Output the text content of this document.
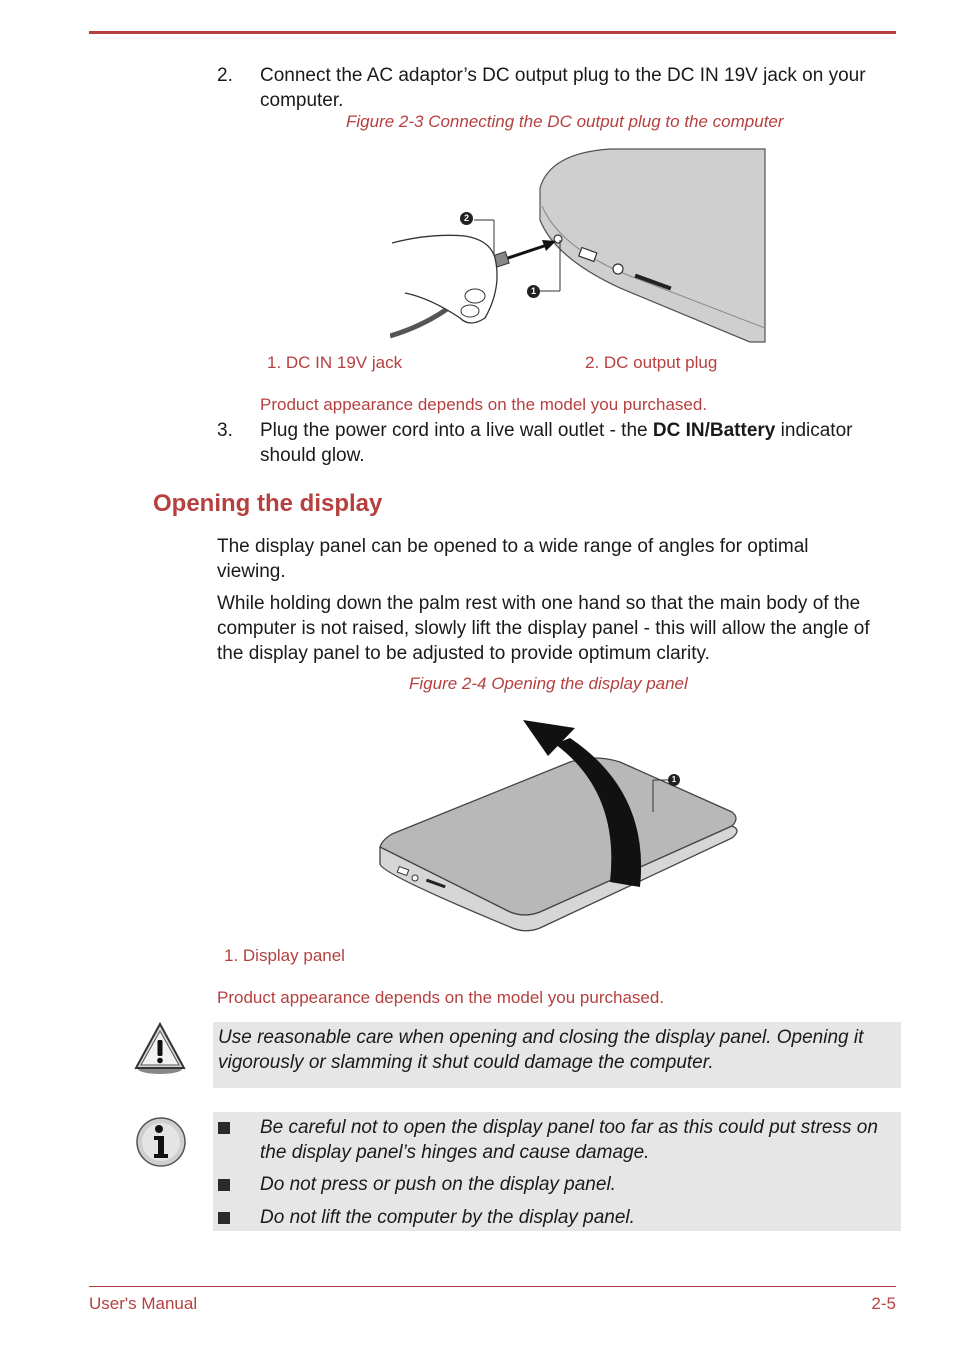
2. Connect the AC adaptor’s DC output plug to the DC IN 19V jack on your computer.
Figure 2-3 Connecting the DC output plug to the computer
2
1
1. DC IN 19V jack	2. DC output plug
Product appearance depends on the model you purchased.
3. Plug the power cord into a live wall outlet - the DC IN/Battery indicator should glow.
Opening the display
The display panel can be opened to a wide range of angles for optimal viewing.
While holding down the palm rest with one hand so that the main body of the computer is not raised, slowly lift the display panel - this will allow the angle of the display panel to be adjusted to provide optimum clarity.
Figure 2-4 Opening the display panel
1
1. Display panel
Product appearance depends on the model you purchased.
Use reasonable care when opening and closing the display panel. Opening it vigorously or slamming it shut could damage the computer.
Be careful not to open the display panel too far as this could put stress on the display panel’s hinges and cause damage.
Do not press or push on the display panel.
Do not lift the computer by the display panel.
User's Manual	2-5
